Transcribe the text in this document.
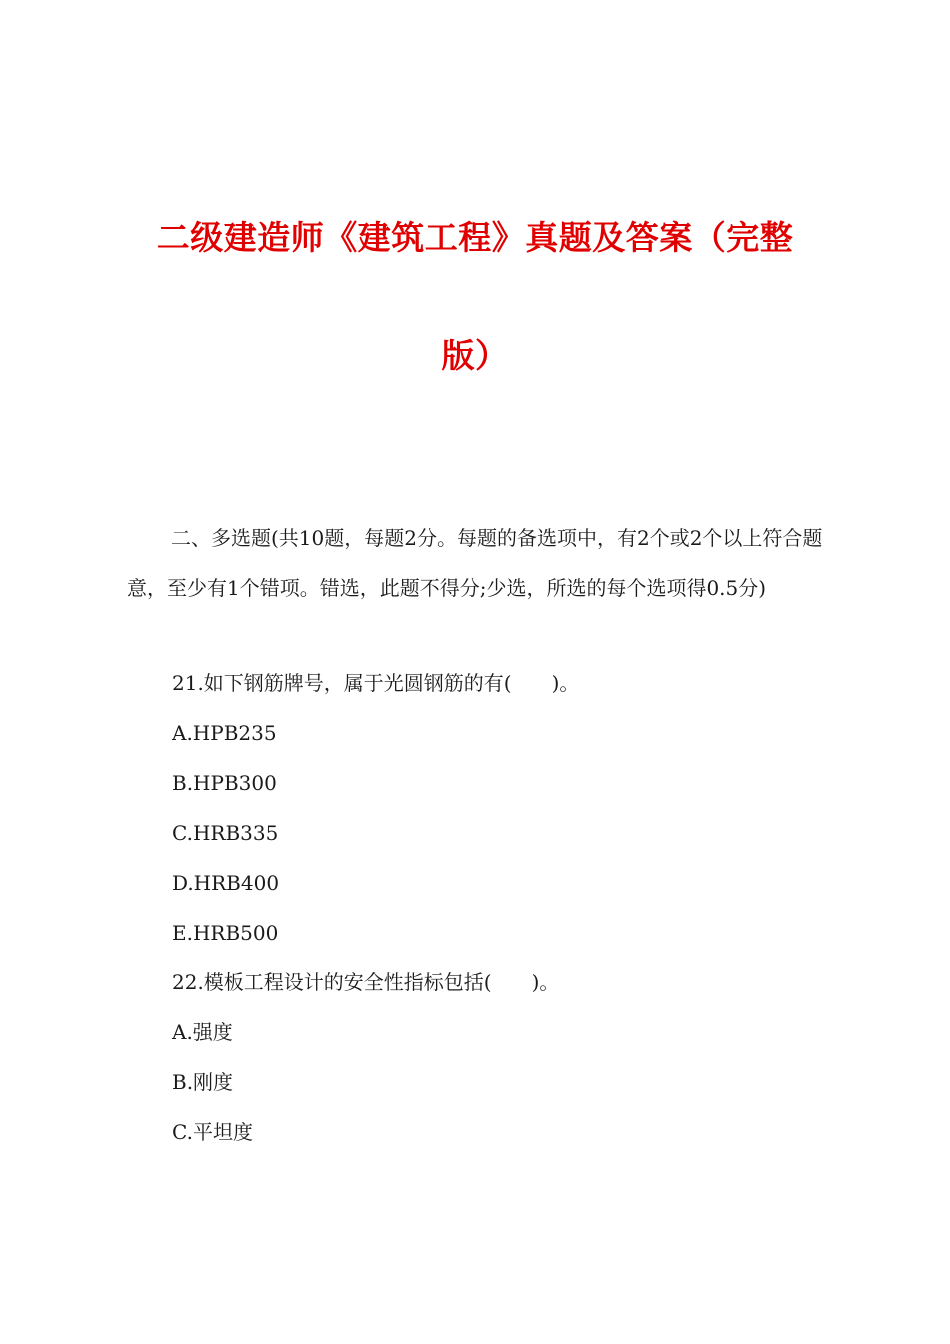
二级建造师《建筑工程》真题及答案（完整
版）

二、多选题(共10题，每题2分。每题的备选项中，有2个或2个以上符合题意，至少有1个错项。错选，此题不得分;少选，所选的每个选项得0.5分)

21.如下钢筋牌号，属于光圆钢筋的有(　　)。

A.HPB235

B.HPB300

C.HRB335

D.HRB400

E.HRB500

22.模板工程设计的安全性指标包括(　　)。

A.强度

B.刚度

C.平坦度
